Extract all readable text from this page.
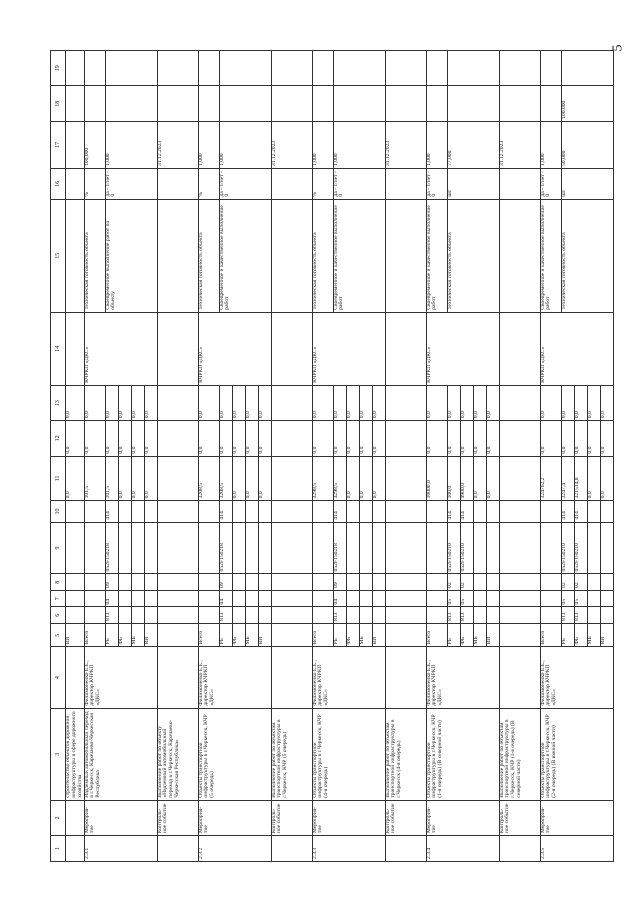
5
1	2	3	4	5	6	7	8	9	10	11	12	13	14	15	16	17	18	19
		строительство объектов дорожной инфраструктуры в сфере дорожного хозяйства		ВИ						0,0	0,0	0,0						
2.3.1	Мероприя-тие	Надземный автомобильный переход в г.Черкесск, Карачаево-Черкесская Республика	Филимоненко Е.Е., директор КЧРКП «ДКС»	Всего						101,5	0,0	0,0	КЧРКП «ДКС»	Техническая готовность объекта	%	100,000		
				РБ	813	04	09	052F150218	414	101,5	0,0	0,0		Своевременное выполнение работ по объекту	да - 1/нет - 0	1,000		
				ФБ						0,0	0,0	0,0						
				МБ						0,0	0,0	0,0						
				ВИ						0,0	0,0	0,0						
	Контроль-ное событие	Выполнение работ по объекту «Надземный автомобильный переход в г.Черкесск, Карачаево-Черкесская Республика»														31.12.2023		
2.3.2	Мероприя-тие	Объекты транспортной инфраструктуры в г.Черкесск, КЧР (5 очередь)	Филимоненко Е.Е., директор КЧРКП «ДКС»	Всего						3208,5	0,0	0,0	КЧРКП «ДКС»	Техническая готовность объекта	%	1,000		
				РБ	813	04	09	052F150218	414	3208,5	0,0	0,0		Своевременное и качественное выполнение работ	да - 1/нет - 0	1,000		
				ФБ						0,0	0,0	0,0						
				МБ						0,0	0,0	0,0						
				ВИ						0,0	0,0	0,0						
	Контроль-ное событие	Выполнение работ по объектам транспортной инфраструктуры в г.Черкесск, КЧР (5 очередь)														31.12.2023		
2.3.3	Мероприя-тие	Объекты транспортной инфраструктуры в г.Черкесск, КЧР (4-я очередь)	Филимоненко Е.Е., директор КЧРКП «ДКС»	Всего						3298,5	0,0	0,0	КЧРКП «ДКС»	Техническая готовность объекта	%	1,000		
				РБ	813	04	09	052F150218	414	3298,5	0,0	0,0		Своевременное и качественное выполнение работ	да - 1/нет - 0	1,000		
				ФБ						0,0	0,0	0,0						
				МБ						0,0	0,0	0,0						
				ВИ						0,0	0,0	0,0						
	Контроль-ное событие	Выполнение работ по объектам транспортной инфраструктуры в г.Черкесск (4-я очередь)														31.12.2023		
2.3.4	Мероприя-тие	Объекты транспортной инфраструктуры в г.Черкесск, КЧР (1-я очередь) (В северной части)	Филимоненко Е.Е., директор КЧРКП «ДКС»	Всего						10000,0	0,0	0,0	КЧРКП «ДКС»	Своевременное и качественное выполнение работ	да - 1/нет - 0	1,000		
				РБ	813	05	02	052F150210	414	100,0	0,0	0,0		Техническая готовность объекта	шт	77,000		
				ФБ	813	05	02	052F150210	414	9900,0	0,0	0,0						
				МБ						0,0	0,0	0,0						
				ВИ						0,0	0,0	0,0						
	Контроль-ное событие	Выполнение работ по объектам транспортной инфраструктуры в г.Черкесск, КЧР (1-я очередь) (В северной части)														31.12.2023		
2.3.5	Мероприя-тие	Объекты транспортной инфраструктуры в г.Черкесск, КЧР (2-я очередь) (В южной части)	Филимоненко Е.Е., директор КЧРКП «ДКС»	Всего						324762,2	0,0	0,0	КЧРКП «ДКС»	Своевременное и качественное выполнение работ	да - 1/нет - 0	1,000		
				РБ	813	05	02	052F150210	414	3247,4	0,0	0,0		Техническая готовность объекта	шт	50,000	100,000	
				ФБ	813	05	02	052F150210	414	321514,8	0,0	0,0						
				МБ						0,0	0,0	0,0						
				ВИ						0,0	0,0	0,0						
